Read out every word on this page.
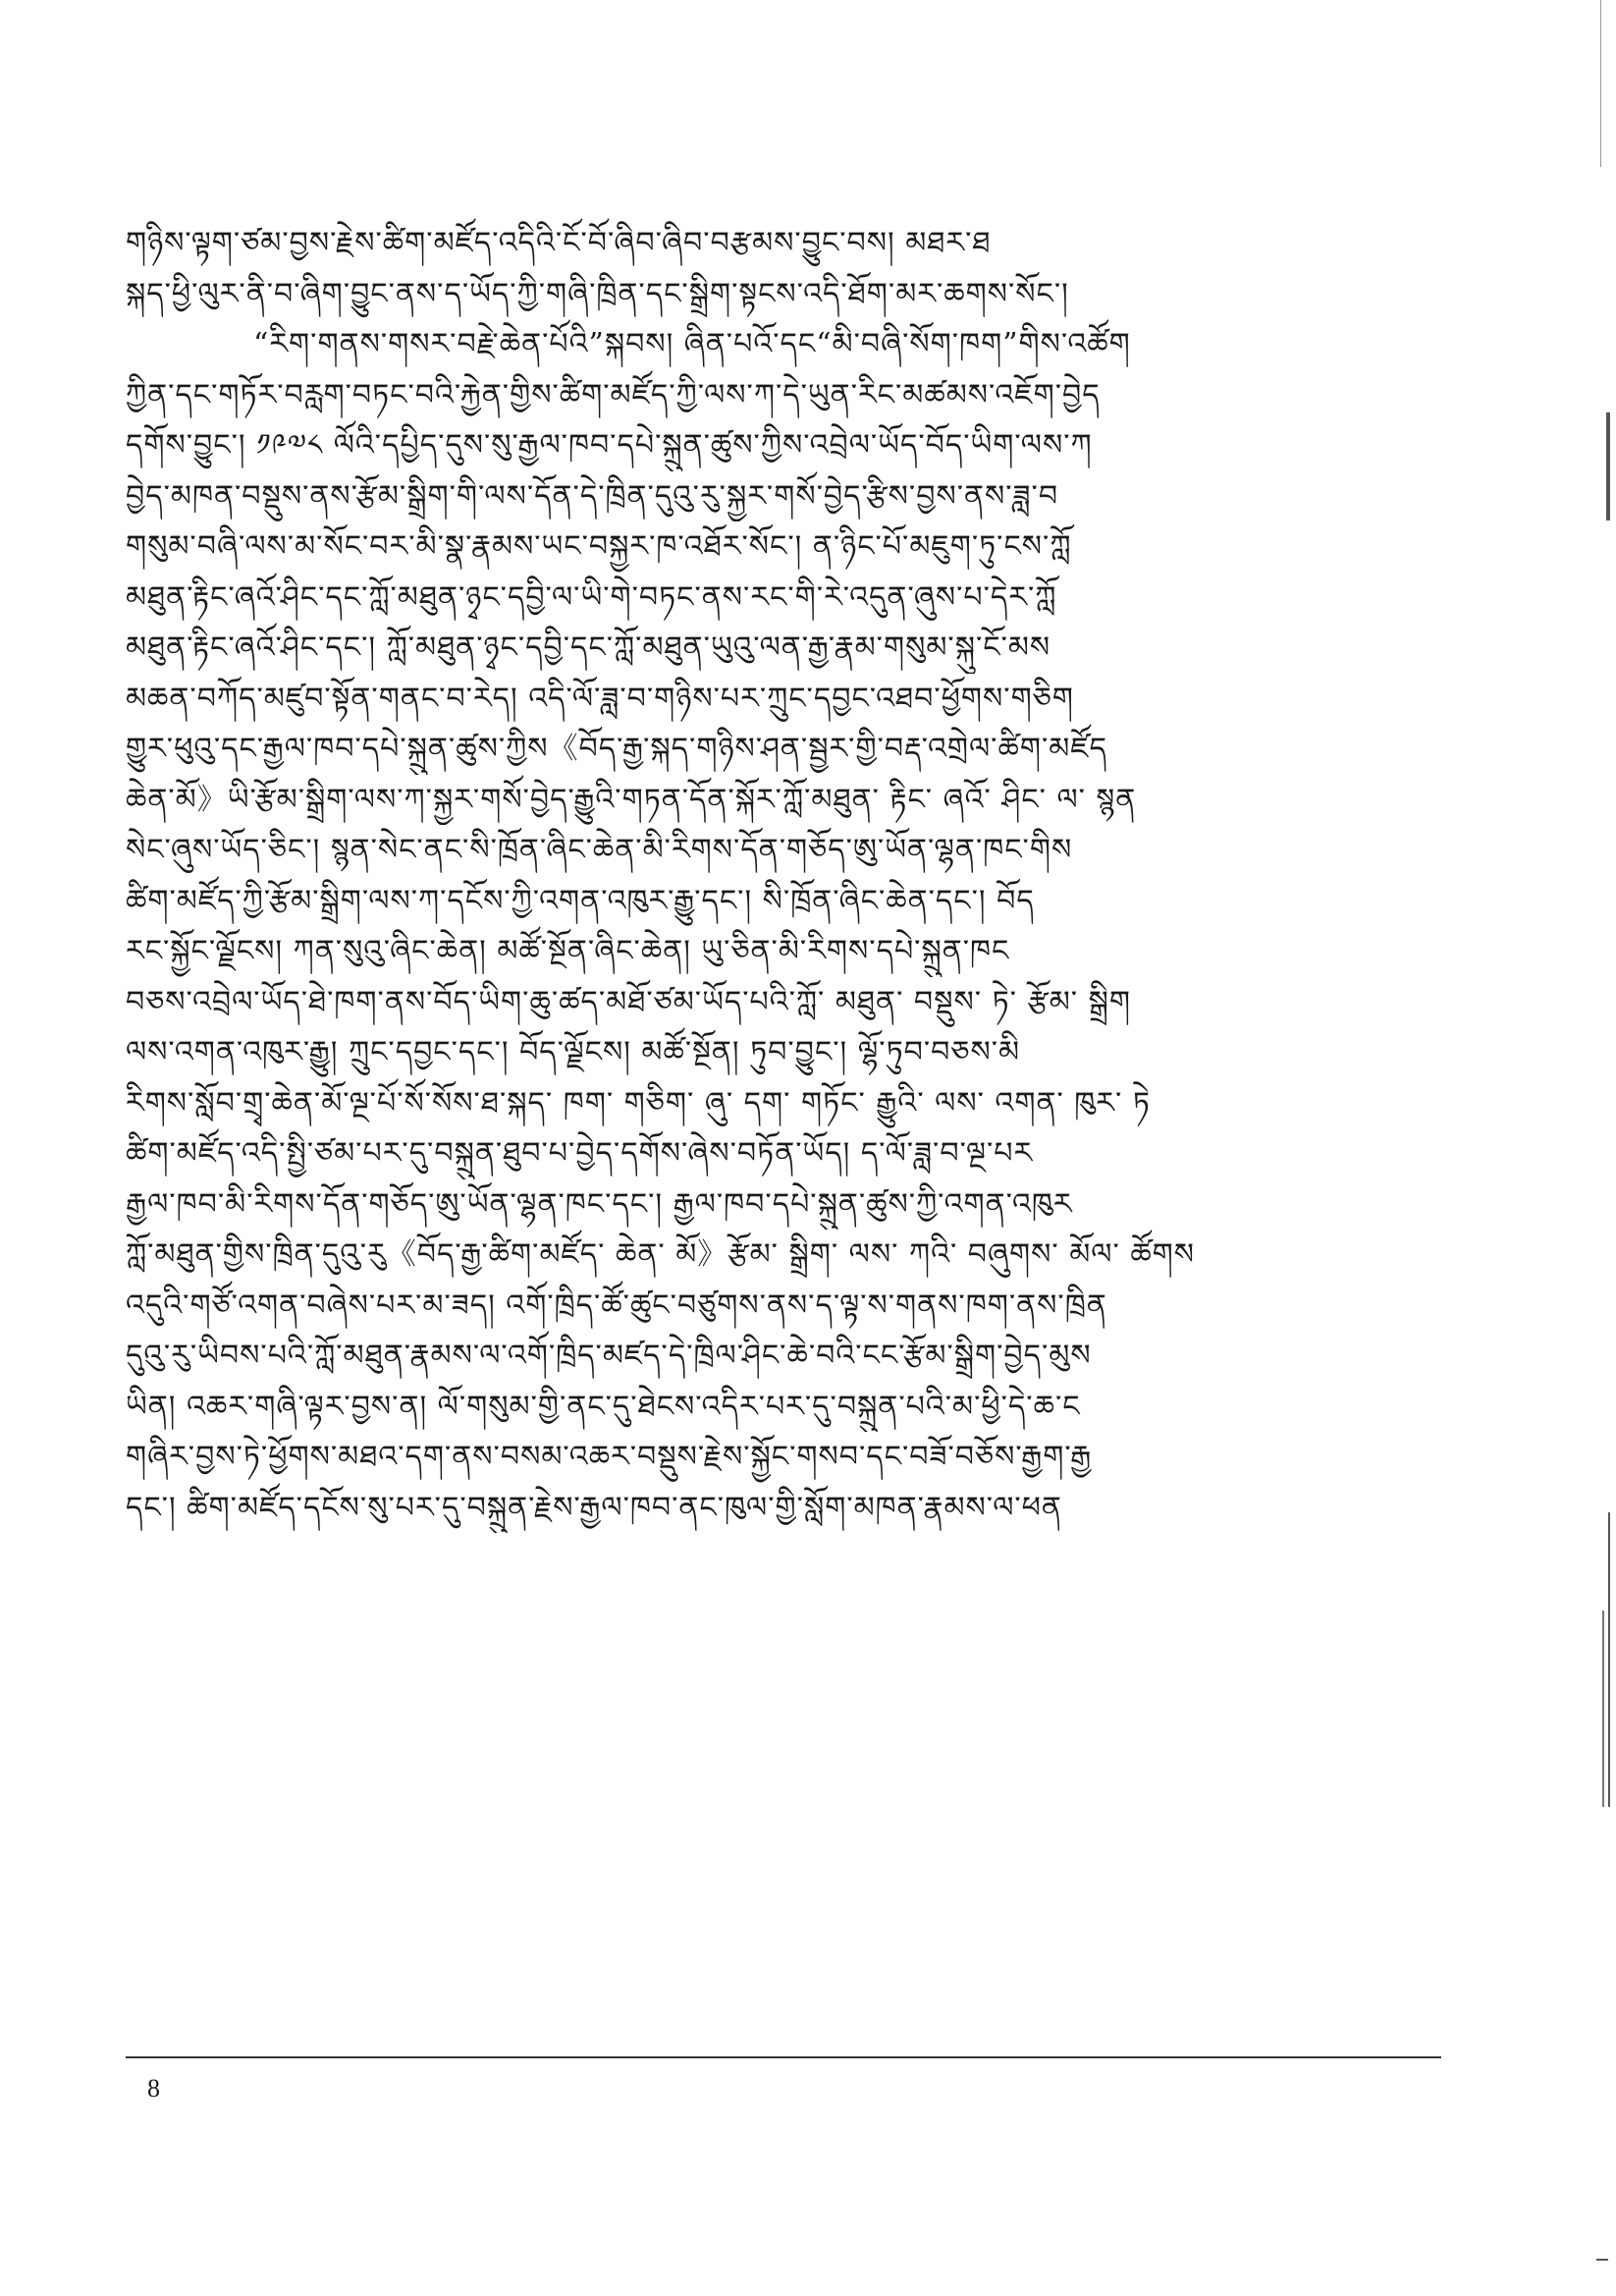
གཉིས་ལྟག་ཙམ་བྱས་རྗེས་ཚིག་མཛོད་འདིའི་ངོ་བོ་ཞིབ་ཞིབ་བརྩམས་བྱུང་བས། མཐར་ཐ
སྐད་ཕྱི་ལུར་ནི་བ་ཞིག་བྱུང་ནས་ད་ཡོད་ཀྱི་གཞི་ཁྲིན་དང་སྒྲིག་སྟངས་འདི་ཐོག་མར་ཆགས་སོང་།
“རིག་གནས་གསར་བརྗེ་ཆེན་པོའི”སྐབས། ཞིན་པའོ་དང“མི་བཞི་སོག་ཁག”གིས་འཚོག
ཀྱིན་དང་གཏོར་བརླག་བཏང་བའི་རྐྱེན་གྱིས་ཚིག་མཛོད་ཀྱི་ལས་ཀ་དེ་ཡུན་རིང་མཚམས་འཇོག་བྱེད
དགོས་བྱུང་། ༡༩༧༨ ལོའི་དཔྱིད་དུས་སུ་རྒྱལ་ཁབ་དཔེ་སྐྲུན་ཚུས་ཀྱིས་འབྲེལ་ཡོད་བོད་ཡིག་ལས་ཀ
བྱེད་མཁན་བསྡུས་ནས་རྩོམ་སྒྲིག་གི་ལས་དོན་དེ་ཁྲིན་དུའུ་རུ་སྐྱར་གསོ་བྱེད་རྩིས་བྱས་ནས་ཟླ་བ
གསུམ་བཞི་ལས་མ་སོང་བར་མི་སྣ་རྣམས་ཡང་བསྐྱར་ཁ་འཐོར་སོང་། ན་ཉིང་པོ་མཇུག་ཏུ་ངས་ཀློ
མཐུན་རྟིང་ཞའོ་ཤིང་དང་ཀློ་མཐུན་ཉྭང་དབྱི་ལ་ཡི་གེ་བཏང་ནས་རང་གི་རེ་འདུན་ཞུས་པ་དེར་ཀློ
མཐུན་རྟིང་ཞའོ་ཤིང་དང་། ཀློ་མཐུན་ཉྭང་དབྱི་དང་ཀློ་མཐུན་ཡུའུ་ལན་རྒྱ་རྣམ་གསུམ་སྐུ་ངོ་མས
མཆན་བཀོད་མཛུབ་སྟོན་གནང་བ་རེད། འདི་ལོ་ཟླ་བ་གཉིས་པར་ཀྲུང་དབྱང་འཐབ་ཕྱོགས་གཅིག
གྱུར་ཕུའུ་དང་རྒྱལ་ཁབ་དཔེ་སྐྲུན་ཚུས་ཀྱིས《བོད་རྒྱ་སྐད་གཉིས་ཤན་སྦྱར་གྱི་བརྡ་འགྲེལ་ཚིག་མཛོད
ཆེན་མོ》ཡི་རྩོམ་སྒྲིག་ལས་ཀ་སྐྱར་གསོ་བྱེད་རྒྱུའི་གཏན་དོན་སྐོར་ཀློ་མཐུན་ རྟིང་ ཞའོ་ ཤིང་ ལ་ སྙན
སེང་ཞུས་ཡོད་ཅིང་། སྙན་སེང་ནང་སི་ཁྲོན་ཞིང་ཆེན་མི་རིགས་དོན་གཅོད་ཨུ་ཡོན་ལྷན་ཁང་གིས
ཚིག་མཛོད་ཀྱི་རྩོམ་སྒྲིག་ལས་ཀ་དངོས་ཀྱི་འགན་འཁུར་རྒྱུ་དང་། སི་ཁྲོན་ཞིང་ཆེན་དང་། བོད
རང་སྐྱོང་ལྗོངས། ཀན་སུའུ་ཞིང་ཆེན། མཚོ་སྔོན་ཞིང་ཆེན། ཡུ་ཅིན་མི་རིགས་དཔེ་སྐྲུན་ཁང
བཅས་འབྲེལ་ཡོད་ཐེ་ཁག་ནས་བོད་ཡིག་ཆུ་ཚད་མཐོ་ཙམ་ཡོད་པའི་ཀློ་ མཐུན་ བསྡུས་ ཏེ་ རྩོམ་ སྒྲིག
ལས་འགན་འཁུར་རྒྱུ། ཀྲུང་དབྱང་དང་། བོད་ལྗོངས། མཚོ་སྔོན། ཏུབ་བྱུང་། ལྷོ་ཏུབ་བཅས་མི
རིགས་སློབ་གྲྭ་ཆེན་མོ་ལྔ་པོ་སོ་སོས་ཐ་སྐད་ ཁག་ གཅིག་ ཞུ་ དག་ གཏོང་ རྒྱུའི་ ལས་ འགན་ ཁུར་ ཏེ
ཚིག་མཛོད་འདི་སྤྱི་ཙམ་པར་དུ་བསྐྲུན་ཐུབ་པ་བྱེད་དགོས་ཞེས་བཏོན་ཡོད། ད་ལོ་ཟླ་བ་ལྔ་པར
རྒྱལ་ཁབ་མི་རིགས་དོན་གཅོད་ཨུ་ཡོན་ལྷན་ཁང་དང་། རྒྱལ་ཁབ་དཔེ་སྐྲུན་ཚུས་ཀྱི་འགན་འཁུར
ཀློ་མཐུན་གྱིས་ཁྲིན་དུའུ་རུ《བོད་རྒྱ་ཚིག་མཛོད་ ཆེན་ མོ》རྩོམ་ སྒྲིག་ ལས་ ཀའི་ བཞུགས་ མོལ་ ཚོགས
འདུའི་གཙོ་འགན་བཞེས་པར་མ་ཟད། འགོ་ཁྲིད་ཚོ་ཚུང་བཙུགས་ནས་ད་ལྟ་ས་གནས་ཁག་ནས་ཁྲིན
དུའུ་རུ་ཡིབས་པའི་ཀློ་མཐུན་རྣམས་ལ་འགོ་ཁྲིད་མཛད་དེ་ཁྲིལ་ཤིང་ཆེ་བའི་ངང་རྩོམ་སྒྲིག་བྱེད་མུས
ཡིན། འཆར་གཞི་ལྟར་བྱས་ན། ལོ་གསུམ་གྱི་ནང་དུ་ཐེངས་འདིར་པར་དུ་བསྐྲུན་པའི་མ་ཕྱི་དེ་ཆ་ང
གཞིར་བྱས་ཏེ་ཕྱོགས་མཐའ་དག་ནས་བསམ་འཆར་བསྡུས་རྗེས་སྐྱོང་གསབ་དང་བཟོ་བཅོས་རྒྱག་རྒྱ
དང་། ཚིག་མཛོད་དངོས་སུ་པར་དུ་བསྐྲུན་རྗེས་རྒྱལ་ཁབ་ནང་ཁུལ་གྱི་སློག་མཁན་རྣམས་ལ་ཕན
8
